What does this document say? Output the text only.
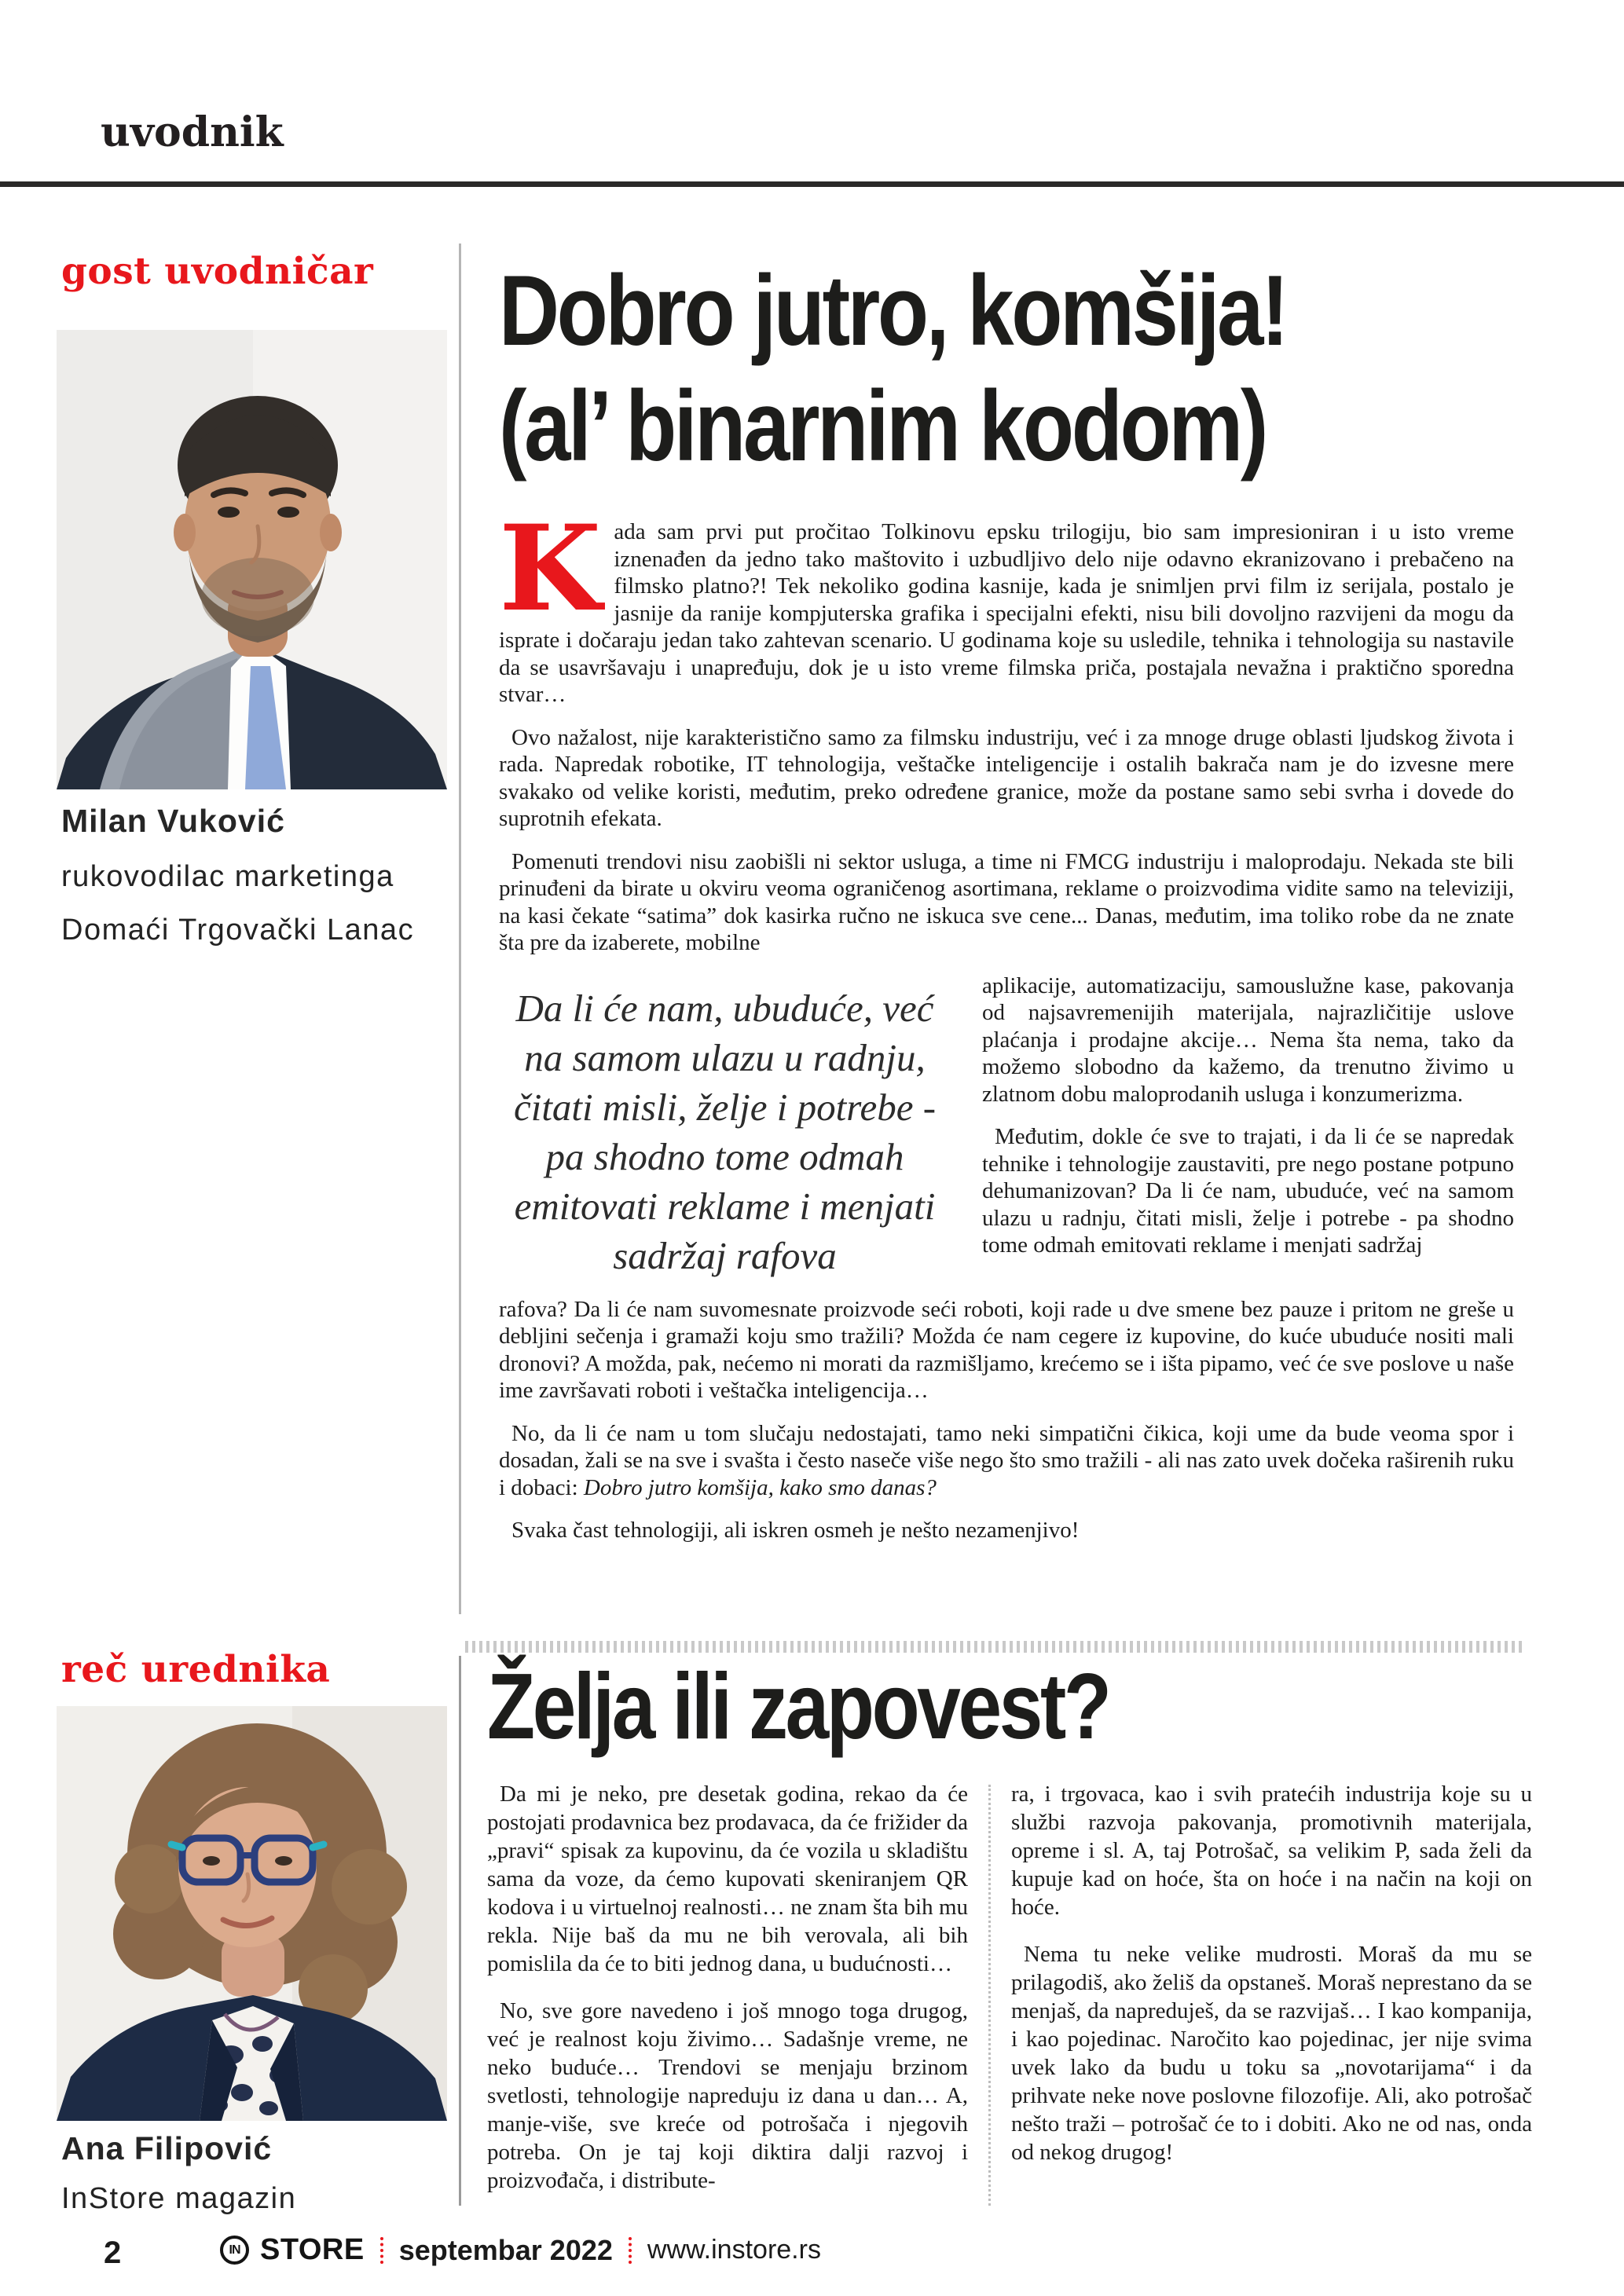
uvodnik
gost uvodničar
Milan Vuković
rukovodilac marketinga
Domaći Trgovački Lanac
Dobro jutro, komšija!
(al’ binarnim kodom)

Kada sam prvi put pročitao Tolkinovu epsku trilogiju, bio sam impresioniran i u isto vreme iznenađen da jedno tako maštovito i uzbudljivo delo nije odavno ekranizovano i prebačeno na filmsko platno?! Tek nekoliko godina kasnije, kada je snimljen prvi film iz serijala, postalo je jasnije da ranije kompjuterska grafika i specijalni efekti, nisu bili dovoljno razvijeni da mogu da isprate i dočaraju jedan tako zahtevan scenario. U godinama koje su usledile, tehnika i tehnologija su nastavile da se usavršavaju i unapređuju, dok je u isto vreme filmska priča, postajala nevažna i praktično sporedna stvar…

Ovo nažalost, nije karakteristično samo za filmsku industriju, već i za mnoge druge oblasti ljudskog života i rada. Napredak robotike, IT tehnologija, veštačke inteligencije i ostalih bakrača nam je do izvesne mere svakako od velike koristi, međutim, preko određene granice, može da postane samo sebi svrha i dovede do suprotnih efekata.

Pomenuti trendovi nisu zaobišli ni sektor usluga, a time ni FMCG industriju i maloprodaju. Nekada ste bili prinuđeni da birate u okviru veoma ograničenog asortimana, reklame o proizvodima vidite samo na televiziji, na kasi čekate “satima” dok kasirka ručno ne iskuca sve cene... Danas, međutim, ima toliko robe da ne znate šta pre da izaberete, mobilne

Da li će nam, ubuduće, već na samom ulazu u radnju, čitati misli, želje i potrebe - pa shodno tome odmah emitovati reklame i menjati sadržaj rafova

aplikacije, automatizaciju, samouslužne kase, pakovanja od najsavremenijih materijala, najrazličitije uslove plaćanja i prodajne akcije… Nema šta nema, tako da možemo slobodno da kažemo, da trenutno živimo u zlatnom dobu maloprodanih usluga i konzumerizma.

Međutim, dokle će sve to trajati, i da li će se napredak tehnike i tehnologije zaustaviti, pre nego postane potpuno dehumanizovan? Da li će nam, ubuduće, već na samom ulazu u radnju, čitati misli, želje i potrebe - pa shodno tome odmah emitovati reklame i menjati sadržaj

rafova? Da li će nam suvomesnate proizvode seći roboti, koji rade u dve smene bez pauze i pritom ne greše u debljini sečenja i gramaži koju smo tražili? Možda će nam cegere iz kupovine, do kuće ubuduće nositi mali dronovi? A možda, pak, nećemo ni morati da razmišljamo, krećemo se i išta pipamo, već će sve poslove u naše ime završavati roboti i veštačka inteligencija…

No, da li će nam u tom slučaju nedostajati, tamo neki simpatični čikica, koji ume da bude veoma spor i dosadan, žali se na sve i svašta i često naseče više nego što smo tražili - ali nas zato uvek dočeka raširenih ruku i dobaci: Dobro jutro komšija, kako smo danas?

Svaka čast tehnologiji, ali iskren osmeh je nešto nezamenjivo!

reč urednika
Ana Filipović
InStore magazin
Želja ili zapovest?

Da mi je neko, pre desetak godina, rekao da će postojati prodavnica bez prodavaca, da će frižider da „pravi“ spisak za kupovinu, da će vozila u skladištu sama da voze, da ćemo kupovati skeniranjem QR kodova i u virtuelnoj realnosti… ne znam šta bih mu rekla. Nije baš da mu ne bih verovala, ali bih pomislila da će to biti jednog dana, u budućnosti…

No, sve gore navedeno i još mnogo toga drugog, već je realnost koju živimo… Sadašnje vreme, ne neko buduće… Trendovi se menjaju brzinom svetlosti, tehnologije napreduju iz dana u dan… A, manje-više, sve kreće od potrošača i njegovih potreba. On je taj koji diktira dalji razvoj i proizvođača, i distribute-

ra, i trgovaca, kao i svih pratećih industrija koje su u službi razvoja pakovanja, promotivnih materijala, opreme i sl. A, taj Potrošač, sa velikim P, sada želi da kupuje kad on hoće, šta on hoće i na način na koji on hoće.

Nema tu neke velike mudrosti. Moraš da mu se prilagodiš, ako želiš da opstaneš. Moraš neprestano da se menjaš, da napreduješ, da se razvijaš… I kao kompanija, i kao pojedinac. Naročito kao pojedinac, jer nije svima uvek lako da budu u toku sa „novotarijama“ i da prihvate neke nove poslovne filozofije. Ali, ako potrošač nešto traži – potrošač će to i dobiti. Ako ne od nas, onda od nekog drugog!

2	IN STORE septembar 2022 www.instore.rs
